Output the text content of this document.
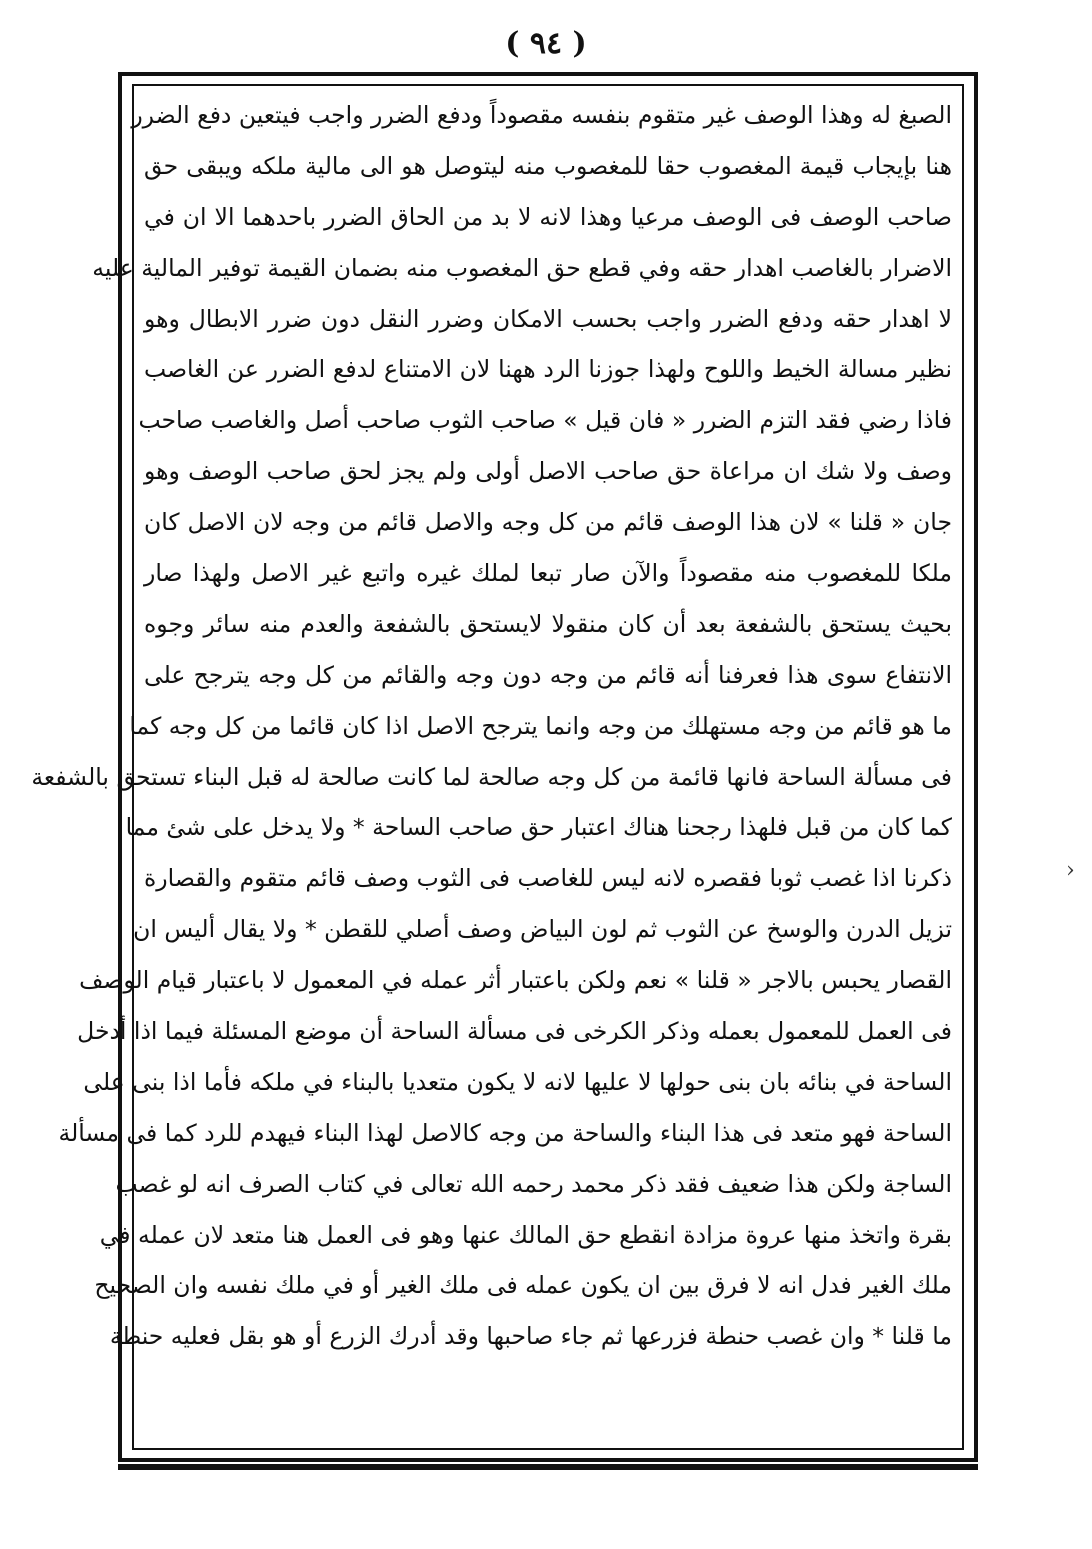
( ٩٤ )
الصبغ له وهذا الوصف غير متقوم بنفسه مقصوداً ودفع الضرر واجب فيتعين دفع الضرر
هنا بإيجاب قيمة المغصوب حقا للمغصوب منه ليتوصل هو الى مالية ملكه ويبقى حق
صاحب الوصف فى الوصف مرعيا وهذا لانه لا بد من الحاق الضرر باحدهما الا ان في
الاضرار بالغاصب اهدار حقه وفي قطع حق المغصوب منه بضمان القيمة توفير المالية عليه
لا اهدار حقه ودفع الضرر واجب بحسب الامكان وضرر النقل دون ضرر الابطال وهو
نظير مسالة الخيط واللوح ولهذا جوزنا الرد ههنا لان الامتناع لدفع الضرر عن الغاصب
فاذا رضي فقد التزم الضرر « فان قيل » صاحب الثوب صاحب أصل والغاصب صاحب
وصف ولا شك ان مراعاة حق صاحب الاصل أولى ولم يجز لحق صاحب الوصف وهو
جان « قلنا » لان هذا الوصف قائم من كل وجه والاصل قائم من وجه لان الاصل كان
ملكا للمغصوب منه مقصوداً والآن صار تبعا لملك غيره واتبع غير الاصل ولهذا صار
بحيث يستحق بالشفعة بعد أن كان منقولا لايستحق بالشفعة والعدم منه سائر وجوه
الانتفاع سوى هذا فعرفنا أنه قائم من وجه دون وجه والقائم من كل وجه يترجح على
ما هو قائم من وجه مستهلك من وجه وانما يترجح الاصل اذا كان قائما من كل وجه كما
فى مسألة الساحة فانها قائمة من كل وجه صالحة لما كانت صالحة له قبل البناء تستحق بالشفعة
كما كان من قبل فلهذا رجحنا هناك اعتبار حق صاحب الساحة * ولا يدخل على شئ مما
ذكرنا اذا غصب ثوبا فقصره لانه ليس للغاصب فى الثوب وصف قائم متقوم والقصارة
تزيل الدرن والوسخ عن الثوب ثم لون البياض وصف أصلي للقطن * ولا يقال أليس ان
القصار يحبس بالاجر « قلنا » نعم ولكن باعتبار أثر عمله في المعمول لا باعتبار قيام الوصف
فى العمل للمعمول بعمله وذكر الكرخى فى مسألة الساحة أن موضع المسئلة فيما اذا أدخل
الساحة في بنائه بان بنى حولها لا عليها لانه لا يكون متعديا بالبناء في ملكه فأما اذا بنى على
الساحة فهو متعد فى هذا البناء والساحة من وجه كالاصل لهذا البناء فيهدم للرد كما فى مسألة
الساجة ولكن هذا ضعيف فقد ذكر محمد رحمه الله تعالى في كتاب الصرف انه لو غصب
بقرة واتخذ منها عروة مزادة انقطع حق المالك عنها وهو فى العمل هنا متعد لان عمله في
ملك الغير فدل انه لا فرق بين ان يكون عمله فى ملك الغير أو في ملك نفسه وان الصحيح
ما قلنا * وان غصب حنطة فزرعها ثم جاء صاحبها وقد أدرك الزرع أو هو بقل فعليه حنطة
›
